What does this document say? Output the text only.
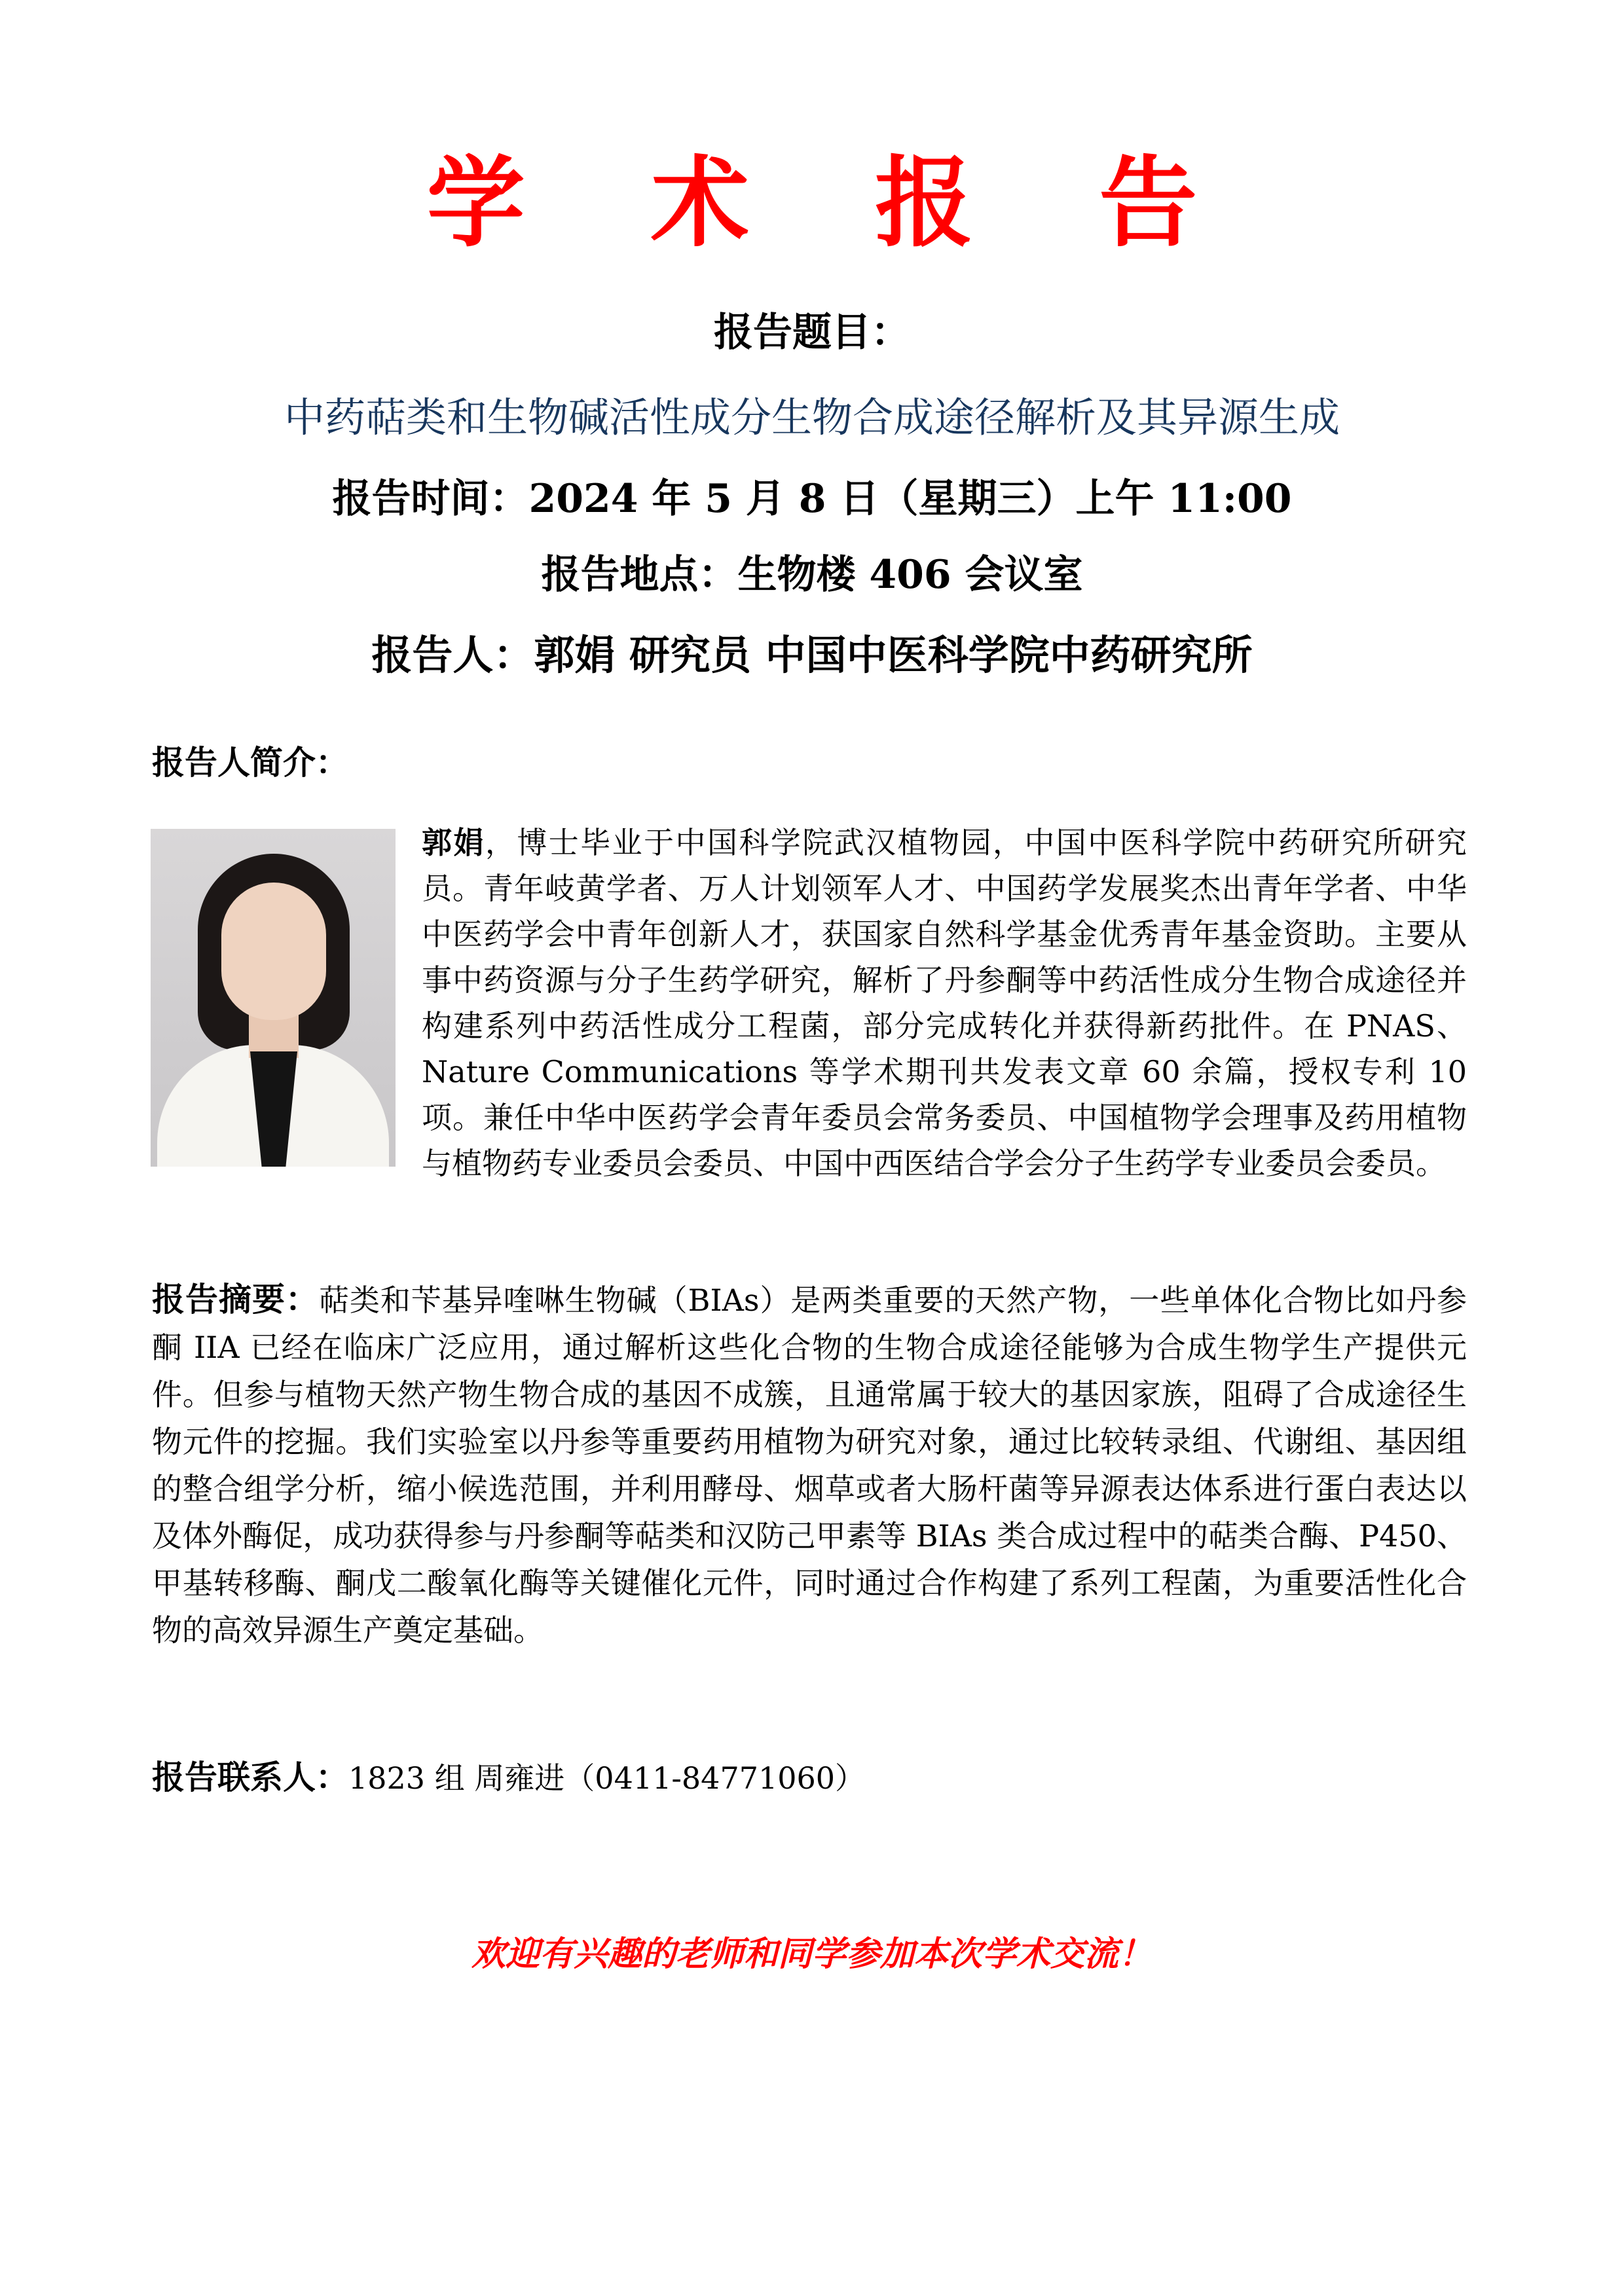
学 术 报 告
报告题目：
中药萜类和生物碱活性成分生物合成途径解析及其异源生成
报告时间：2024 年 5 月 8 日（星期三）上午 11:00
报告地点：生物楼 406 会议室
报告人：郭娟 研究员 中国中医科学院中药研究所
报告人简介：
郭娟，博士毕业于中国科学院武汉植物园，中国中医科学院中药研究所研究员。青年岐黄学者、万人计划领军人才、中国药学发展奖杰出青年学者、中华中医药学会中青年创新人才，获国家自然科学基金优秀青年基金资助。主要从事中药资源与分子生药学研究，解析了丹参酮等中药活性成分生物合成途径并构建系列中药活性成分工程菌，部分完成转化并获得新药批件。在 PNAS、Nature Communications 等学术期刊共发表文章 60 余篇，授权专利 10 项。兼任中华中医药学会青年委员会常务委员、中国植物学会理事及药用植物与植物药专业委员会委员、中国中西医结合学会分子生药学专业委员会委员。
报告摘要：萜类和苄基异喹啉生物碱（BIAs）是两类重要的天然产物，一些单体化合物比如丹参酮 IIA 已经在临床广泛应用，通过解析这些化合物的生物合成途径能够为合成生物学生产提供元件。但参与植物天然产物生物合成的基因不成簇，且通常属于较大的基因家族，阻碍了合成途径生物元件的挖掘。我们实验室以丹参等重要药用植物为研究对象，通过比较转录组、代谢组、基因组的整合组学分析，缩小候选范围，并利用酵母、烟草或者大肠杆菌等异源表达体系进行蛋白表达以及体外酶促，成功获得参与丹参酮等萜类和汉防己甲素等 BIAs 类合成过程中的萜类合酶、P450、甲基转移酶、酮戊二酸氧化酶等关键催化元件，同时通过合作构建了系列工程菌，为重要活性化合物的高效异源生产奠定基础。
报告联系人：1823 组 周雍进（0411-84771060）
欢迎有兴趣的老师和同学参加本次学术交流！
